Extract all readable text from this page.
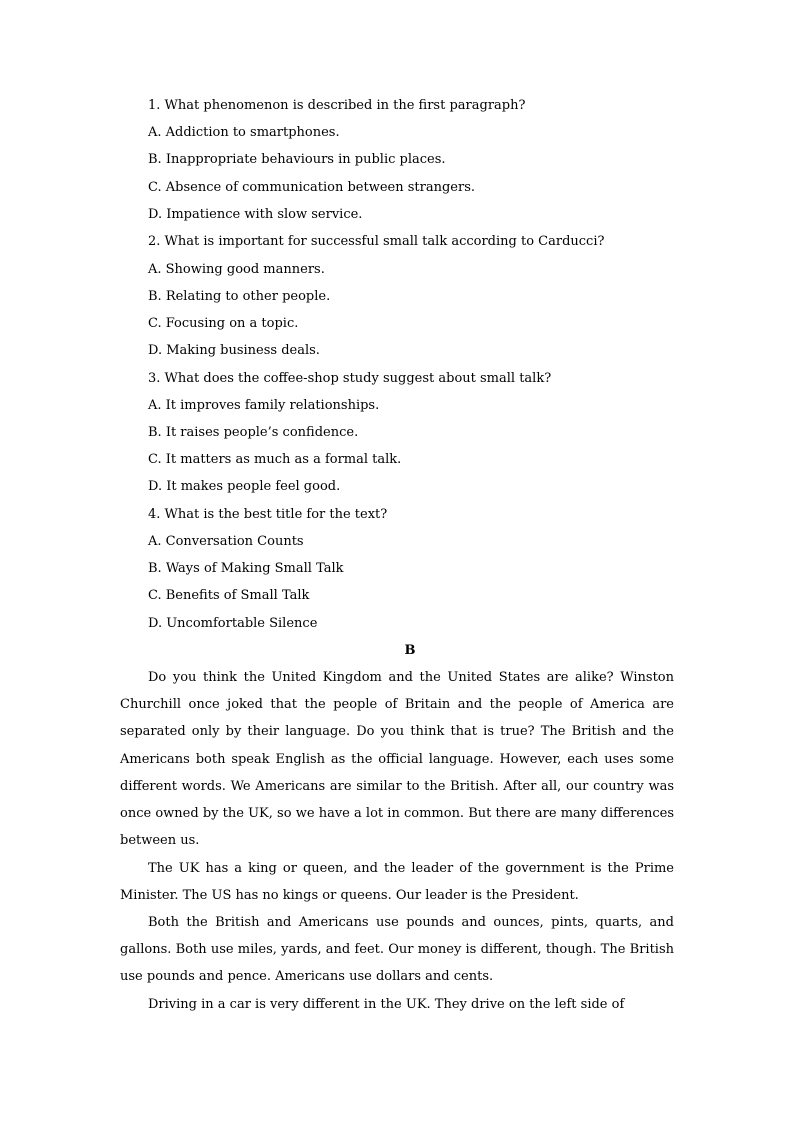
1. What phenomenon is described in the first paragraph?
A. Addiction to smartphones.
B. Inappropriate behaviours in public places.
C. Absence of communication between strangers.
D. Impatience with slow service.
2. What is important for successful small talk according to Carducci?
A. Showing good manners.
B. Relating to other people.
C. Focusing on a topic.
D. Making business deals.
3. What does the coffee-shop study suggest about small talk?
A. It improves family relationships.
B. It raises people’s confidence.
C. It matters as much as a formal talk.
D. It makes people feel good.
4. What is the best title for the text?
A. Conversation Counts
B. Ways of Making Small Talk
C. Benefits of Small Talk
D. Uncomfortable Silence
B

Do you think the United Kingdom and the United States are alike? Winston Churchill once joked that the people of Britain and the people of America are separated only by their language. Do you think that is true? The British and the Americans both speak English as the official language. However, each uses some different words. We Americans are similar to the British. After all, our country was once owned by the UK, so we have a lot in common. But there are many differences between us.

The UK has a king or queen, and the leader of the government is the Prime Minister. The US has no kings or queens. Our leader is the President.

Both the British and Americans use pounds and ounces, pints, quarts, and gallons. Both use miles, yards, and feet. Our money is different, though. The British use pounds and pence. Americans use dollars and cents.

Driving in a car is very different in the UK. They drive on the left side of
